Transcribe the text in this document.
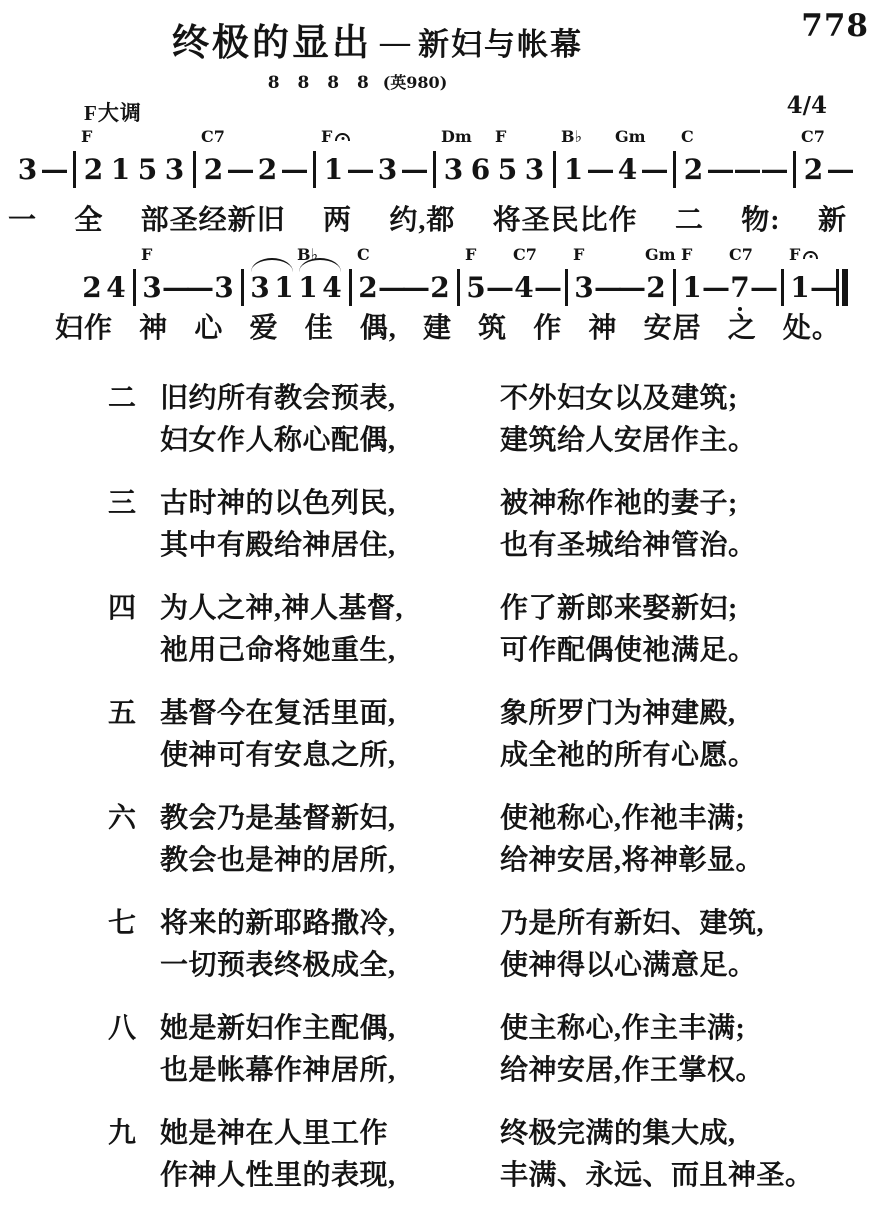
778
终极的显出 — 新妇与帐幕
8 8 8 8 (英980)
F大调	4/4
3 —
F
2 1 5 3
C7
2 — 2 —
F
1 — 3 —
Dm
3 6
F
5 3
B♭
1 —
Gm
4 —
C
2 — — —
C7
2 —
一 全 部圣经新旧 两 约,都 将圣民比作 二 物: 新
2 4
F
3 —
— 3 3 1
B♭
1 4
C
2 —
— 2
F
5 —
C7
4 —
F
3 —
—
Gm
2
F
1 —
C7
7 —
F
1 —
妇作 神 心 爱 佳 偶, 建 筑 作 神 安居 之 处。
二 旧约所有教会预表,	不外妇女以及建筑;
妇女作人称心配偶,	建筑给人安居作主。
三 古时神的以色列民,	被神称作祂的妻子;
其中有殿给神居住,	也有圣城给神管治。
四 为人之神,神人基督,	作了新郎来娶新妇;
祂用己命将她重生,	可作配偶使祂满足。
五 基督今在复活里面,	象所罗门为神建殿,
使神可有安息之所,	成全祂的所有心愿。
六 教会乃是基督新妇,	使祂称心,作祂丰满;
教会也是神的居所,	给神安居,将神彰显。
七 将来的新耶路撒冷,	乃是所有新妇、建筑,
一切预表终极成全,	使神得以心满意足。
八 她是新妇作主配偶,	使主称心,作主丰满;
也是帐幕作神居所,	给神安居,作王掌权。
九 她是神在人里工作	终极完满的集大成,
作神人性里的表现,	丰满、永远、而且神圣。
